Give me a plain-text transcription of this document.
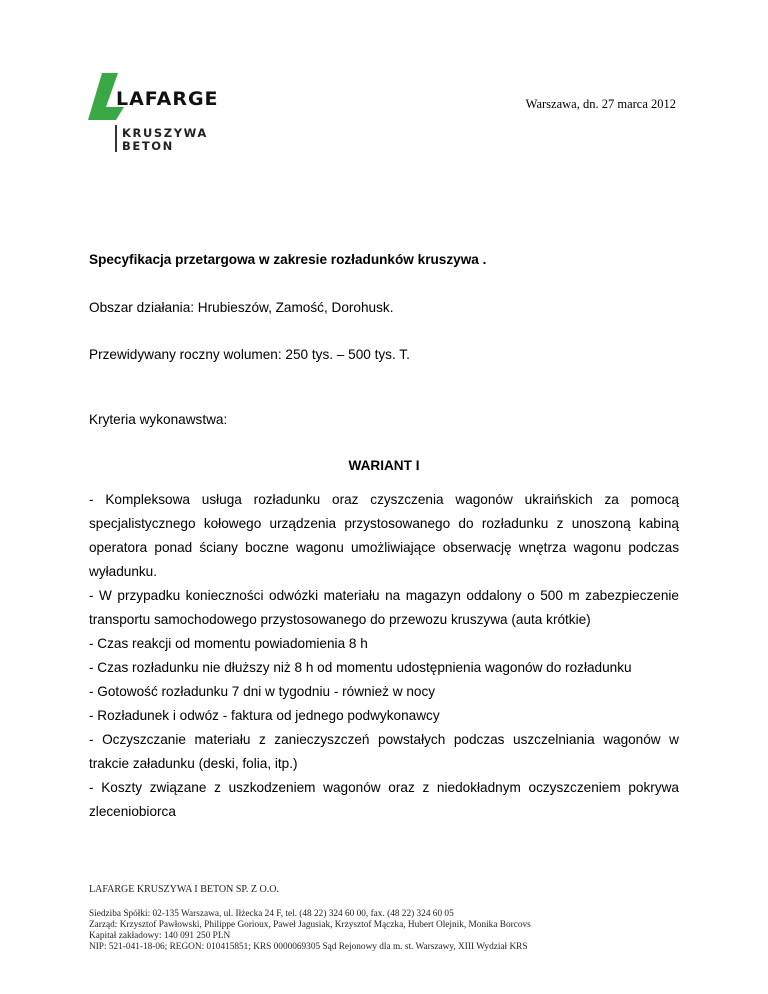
LAFARGE
KRUSZYWA
BETON
Warszawa, dn. 27 marca 2012
Specyfikacja przetargowa w zakresie rozładunków kruszywa .
Obszar działania: Hrubieszów, Zamość, Dorohusk.
Przewidywany roczny wolumen: 250 tys. – 500 tys. T.
Kryteria wykonawstwa:
WARIANT I

- Kompleksowa usługa rozładunku oraz czyszczenia wagonów ukraińskich za pomocą specjalistycznego kołowego urządzenia przystosowanego do rozładunku z unoszoną kabiną operatora ponad ściany boczne wagonu umożliwiające obserwację wnętrza wagonu podczas wyładunku.

- W przypadku konieczności odwózki materiału na magazyn oddalony o 500 m zabezpieczenie transportu samochodowego przystosowanego do przewozu kruszywa (auta krótkie)

- Czas reakcji od momentu powiadomienia 8 h

- Czas rozładunku nie dłuższy niż 8 h od momentu udostępnienia wagonów do rozładunku

- Gotowość rozładunku 7 dni w tygodniu - również w nocy

- Rozładunek i odwóz - faktura od jednego podwykonawcy

- Oczyszczanie materiału z zanieczyszczeń powstałych podczas uszczelniania wagonów w trakcie załadunku (deski, folia, itp.)

- Koszty związane z uszkodzeniem wagonów oraz z niedokładnym oczyszczeniem pokrywa zleceniobiorca

LAFARGE KRUSZYWA I BETON SP. Z O.O.
Siedziba Spółki: 02-135 Warszawa, ul. Iłżecka 24 F, tel. (48 22) 324 60 00, fax. (48 22) 324 60 05
Zarząd: Krzysztof Pawłowski, Philippe Gorioux, Paweł Jagusiak, Krzysztof Mączka, Hubert Olejnik, Monika Borcovs
Kapitał zakładowy: 140 091 250 PLN
NIP: 521-041-18-06; REGON: 010415851; KRS 0000069305 Sąd Rejonowy dla m. st. Warszawy, XIII Wydział KRS
